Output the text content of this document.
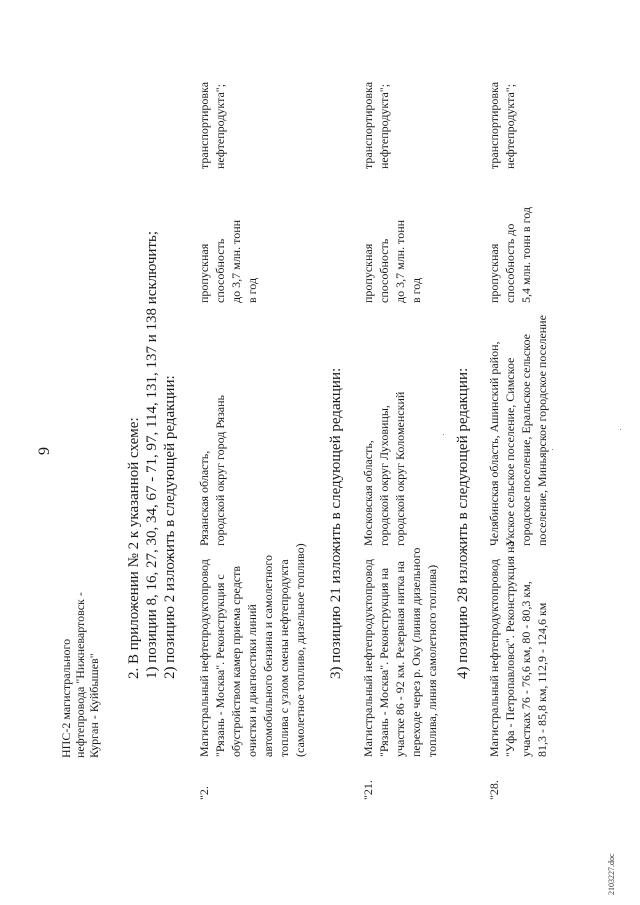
9
НПС-2 магистрального нефтепровода "Нижневартовск - Курган - Куйбышев"
2. В приложении № 2 к указанной схеме: 1) позиции 8, 16, 27, 30, 34, 67 - 71, 97, 114, 131, 137 и 138 исключить; 2) позицию 2 изложить в следующей редакции:
"2.
Магистральный нефтепродуктопровод "Рязань - Москва". Реконструкция с обустройством камер приема средств очистки и диагностики линий автомобильного бензина и самолетного топлива с узлом смены нефтепродукта (самолетное топливо, дизельное топливо)
Рязанская область, городской округ город Рязань
пропускная способность до 3,7 млн. тонн в год
транспортировка нефтепродукта";
3) позицию 21 изложить в следующей редакции:
"21.
Магистральный нефтепродуктопровод "Рязань - Москва". Реконструкция на участке 86 - 92 км. Резервная нитка на переходе через р. Оку (линия дизельного топлива, линия самолетного топлива)
Московская область, городской округ Луховицы, городской округ Коломенский
пропускная способность до 3,7 млн. тонн в год
транспортировка нефтепродукта";
4) позицию 28 изложить в следующей редакции:
"28.
Магистральный нефтепродуктопровод "Уфа - Петропавловск". Реконструкция на участках 76 - 76,6 км, 80 - 80,3 км, 81,3 - 85,8 км, 112,9 - 124,6 км
Челябинская область, Ашинский район, Укское сельское поселение, Симское городское поселение, Еральское сельское поселение, Миньярское городское поселение
пропускная способность до 5,4 млн. тонн в год
транспортировка нефтепродукта";
2103227.doc
